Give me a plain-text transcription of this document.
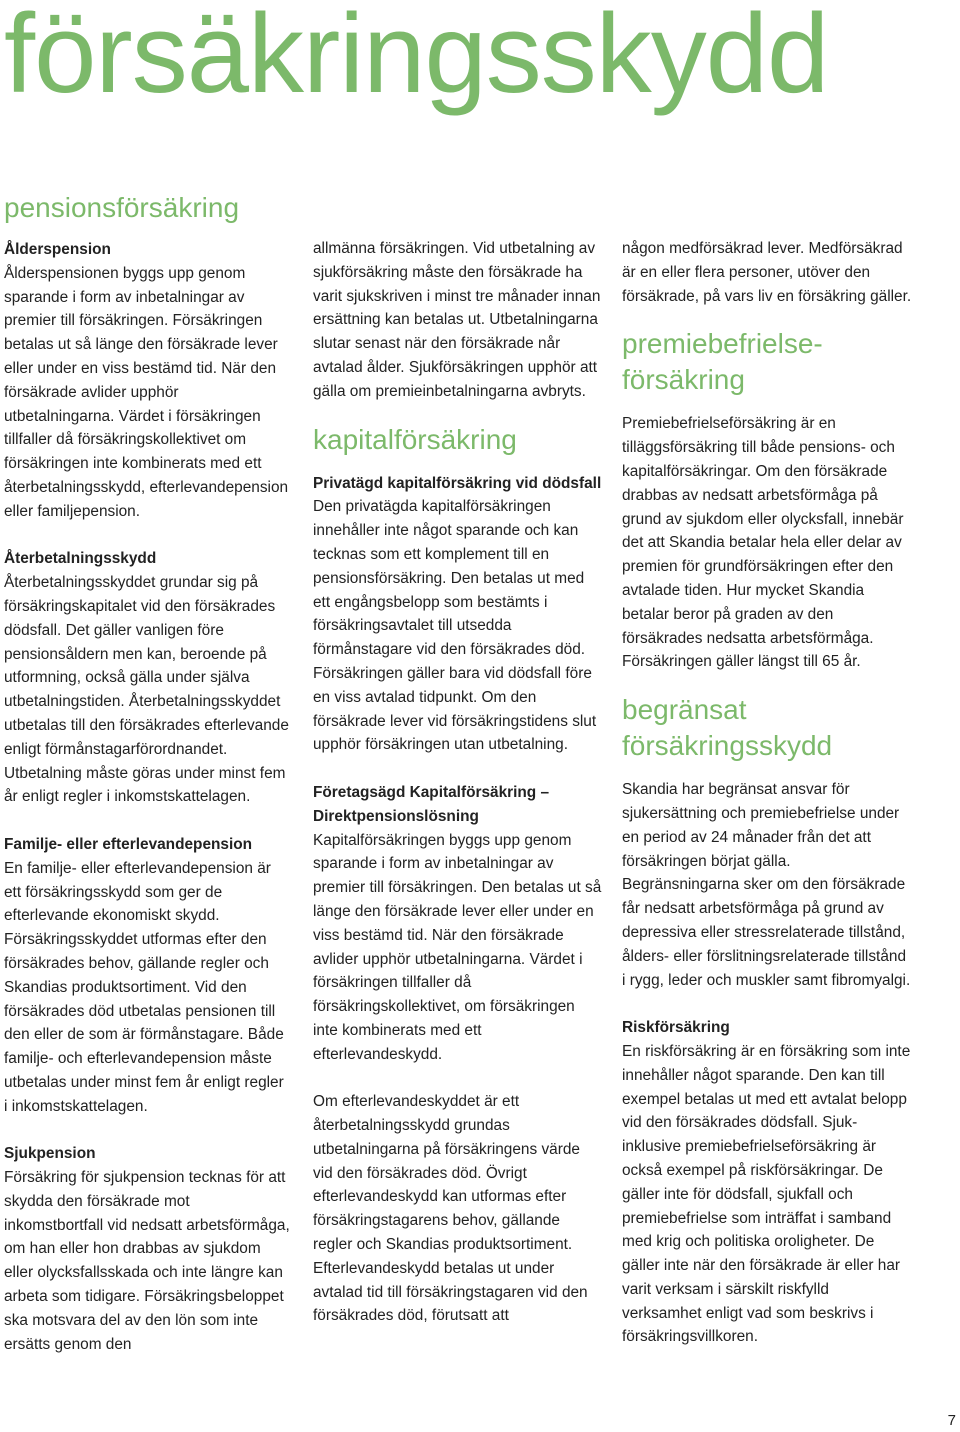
försäkringsskydd
pensionsförsäkring
Ålderspension

Ålderspensionen byggs upp genom sparande i form av inbetalningar av premier till försäkringen. Försäkringen betalas ut så länge den försäkrade lever eller under en viss bestämd tid. När den försäkrade avlider upphör utbetalningarna. Värdet i försäkringen tillfaller då försäkringskollektivet om försäkringen inte kombinerats med ett återbetalningsskydd, efterlevandepension eller familjepension.

Återbetalningsskydd

Återbetalningsskyddet grundar sig på försäkringskapitalet vid den försäkrades dödsfall. Det gäller vanligen före pensionsåldern men kan, beroende på utformning, också gälla under själva utbetalningstiden. Återbetalningsskyddet utbetalas till den försäkrades efterlevande enligt förmånstagarförordnandet. Utbetalning måste göras under minst fem år enligt regler i inkomstskattelagen.

Familje- eller efterlevandepension

En familje- eller efterlevandepension är ett försäkringsskydd som ger de efterlevande ekonomiskt skydd. Försäkringsskyddet utformas efter den försäkrades behov, gällande regler och Skandias produktsortiment. Vid den försäkrades död utbetalas pensionen till den eller de som är förmånstagare. Både familje- och efterlevandepension måste utbetalas under minst fem år enligt regler i inkomstskattelagen.

Sjukpension

Försäkring för sjukpension tecknas för att skydda den försäkrade mot inkomstbortfall vid nedsatt arbetsförmåga, om han eller hon drabbas av sjukdom eller olycksfallsskada och inte längre kan arbeta som tidigare. Försäkringsbeloppet ska motsvara del av den lön som inte ersätts genom den

allmänna försäkringen. Vid utbetalning av sjukförsäkring måste den försäkrade ha varit sjukskriven i minst tre månader innan ersättning kan betalas ut. Utbetalningarna slutar senast när den försäkrade når avtalad ålder. Sjukförsäkringen upphör att gälla om premieinbetalningarna avbryts.

kapitalförsäkring
Privatägd kapitalförsäkring vid dödsfall

Den privatägda kapitalförsäkringen innehåller inte något sparande och kan tecknas som ett komplement till en pensionsförsäkring. Den betalas ut med ett engångsbelopp som bestämts i försäkringsavtalet till utsedda förmånstagare vid den försäkrades död. Försäkringen gäller bara vid dödsfall före en viss avtalad tidpunkt. Om den försäkrade lever vid försäkringstidens slut upphör försäkringen utan utbetalning.

Företagsägd Kapitalförsäkring – Direktpensionslösning

Kapitalförsäkringen byggs upp genom sparande i form av inbetalningar av premier till försäkringen. Den betalas ut så länge den försäkrade lever eller under en viss bestämd tid. När den försäkrade avlider upphör utbetalningarna. Värdet i försäkringen tillfaller då försäkringskollektivet, om försäkringen inte kombinerats med ett efterlevandeskydd.

Om efterlevandeskyddet är ett återbetalningsskydd grundas utbetalningarna på försäkringens värde vid den försäkrades död. Övrigt efterlevandeskydd kan utformas efter försäkringstagarens behov, gällande regler och Skandias produktsortiment.

Efterlevandeskydd betalas ut under avtalad tid till försäkringstagaren vid den försäkrades död, förutsatt att

någon medförsäkrad lever. Medförsäkrad är en eller flera personer, utöver den försäkrade, på vars liv en försäkring gäller.

premiebefrielseförsäkring

Premiebefrielseförsäkring är en tilläggsförsäkring till både pensions- och kapitalförsäkringar. Om den försäkrade drabbas av nedsatt arbetsförmåga på grund av sjukdom eller olycksfall, innebär det att Skandia betalar hela eller delar av premien för grundförsäkringen efter den avtalade tiden. Hur mycket Skandia betalar beror på graden av den försäkrades nedsatta arbetsförmåga. Försäkringen gäller längst till 65 år.

begränsat försäkringsskydd

Skandia har begränsat ansvar för sjukersättning och premiebefrielse under en period av 24 månader från det att försäkringen börjat gälla. Begränsningarna sker om den försäkrade får nedsatt arbetsförmåga på grund av depressiva eller stressrelaterade tillstånd, ålders- eller förslitningsrelaterade tillstånd i rygg, leder och muskler samt fibromyalgi.

Riskförsäkring

En riskförsäkring är en försäkring som inte innehåller något sparande. Den kan till exempel betalas ut med ett avtalat belopp vid den försäkrades dödsfall. Sjuk-inklusive premiebefrielseförsäkring är också exempel på riskförsäkringar. De gäller inte för dödsfall, sjukfall och premiebefrielse som inträffat i samband med krig och politiska oroligheter. De gäller inte när den försäkrade är eller har varit verksam i särskilt riskfylld verksamhet enligt vad som beskrivs i försäkringsvillkoren.

7
